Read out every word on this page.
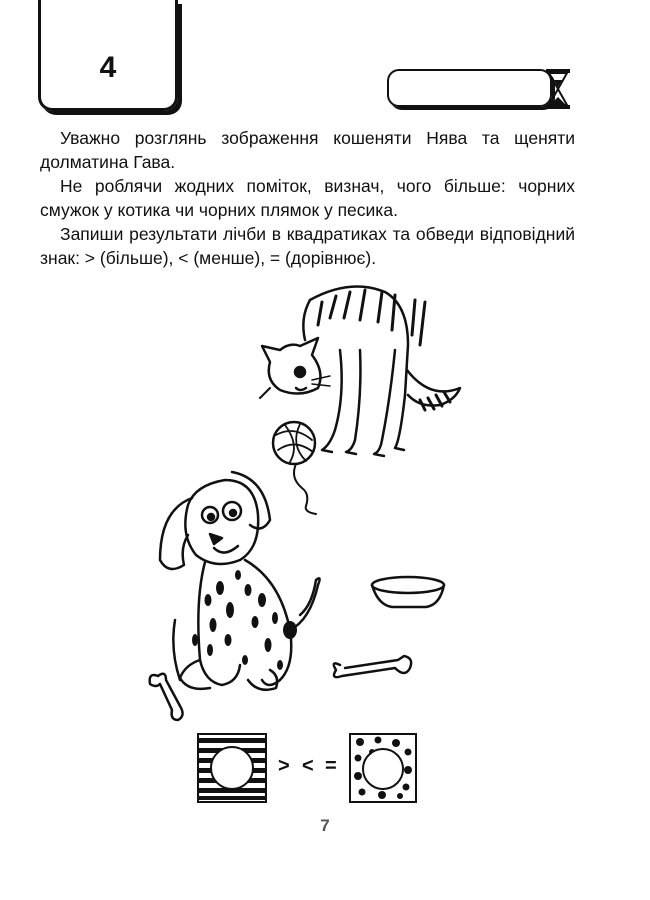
4

Уважно розглянь зображення кошеняти Нява та щеняти долматина Гава.

Не роблячи жодних поміток, визнач, чого більше: чорних смужок у котика чи чорних плямок у песика.

Запиши результати лічби в квадратиках та обведи відповідний знак: > (більше), < (менше), = (дорівнює).

> < =
7
